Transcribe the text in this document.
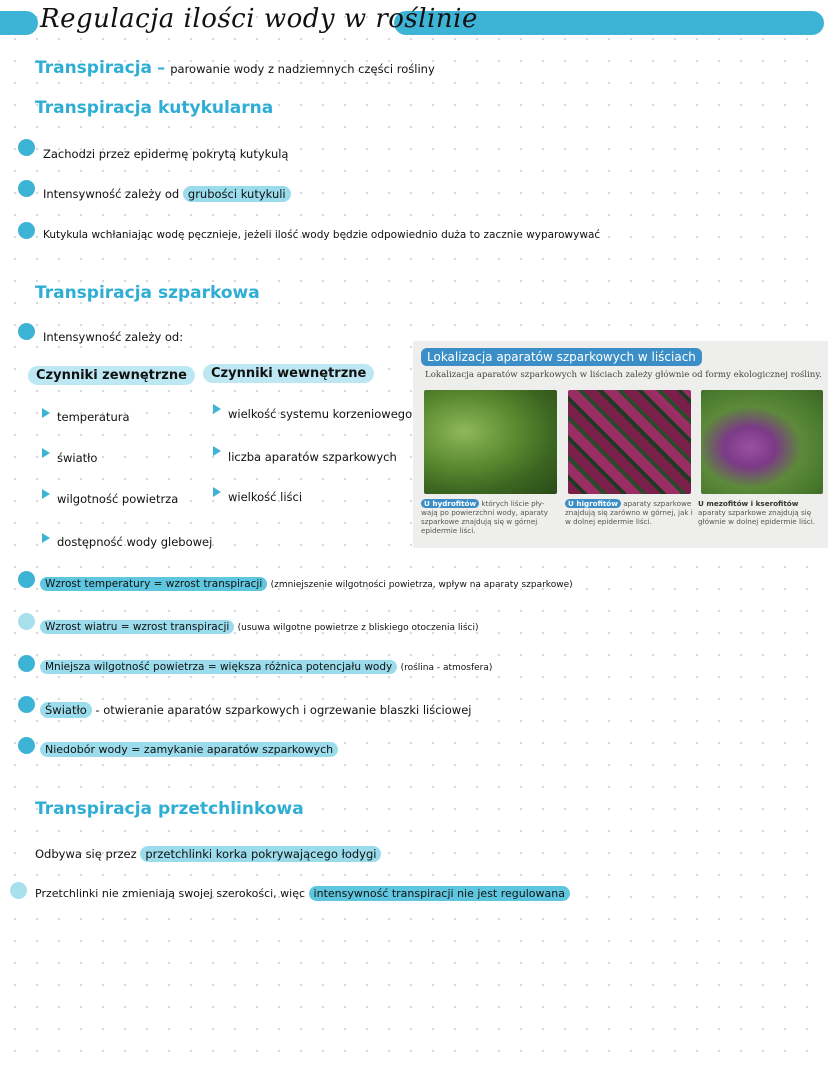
Regulacja ilości wody w roślinie
Transpiracja – parowanie wody z nadziemnych części rośliny
Transpiracja kutykularna
Zachodzi przez epidermę pokrytą kutykulą
Intensywność zależy od grubości kutykuli
Kutykula wchłaniając wodę pęcznieje, jeżeli ilość wody będzie odpowiednio duża to zacznie wyparowywać
Transpiracja szparkowa
Intensywność zależy od:
Czynniki zewnętrzne	Czynniki wewnętrzne
temperatura
światło
wilgotność powietrza
dostępność wody glebowej
wielkość systemu korzeniowego
liczba aparatów szparkowych
wielkość liści
Lokalizacja aparatów szparkowych w liściach
Lokalizacja aparatów szparkowych w liściach zależy głównie od formy ekologicznej rośliny.
U hydrofitów których liście pły-wają po powierzchni wody, aparaty szparkowe znajdują się w górnej epidermie liści.
U higrofitów aparaty szparkowe znajdują się zarówno w górnej, jak i w dolnej epidermie liści.
U mezofitów i kserofitów aparaty szparkowe znajdują się głównie w dolnej epidermie liści.
Wzrost temperatury = wzrost transpiracji (zmniejszenie wilgotności powietrza, wpływ na aparaty szparkowe)
Wzrost wiatru = wzrost transpiracji (usuwa wilgotne powietrze z bliskiego otoczenia liści)
Mniejsza wilgotność powietrza = większa różnica potencjału wody (roślina - atmosfera)
Światło - otwieranie aparatów szparkowych i ogrzewanie blaszki liściowej
Niedobór wody = zamykanie aparatów szparkowych
Transpiracja przetchlinkowa
Odbywa się przez przetchlinki korka pokrywającego łodygi
Przetchlinki nie zmieniają swojej szerokości, więc intensywność transpiracji nie jest regulowana
